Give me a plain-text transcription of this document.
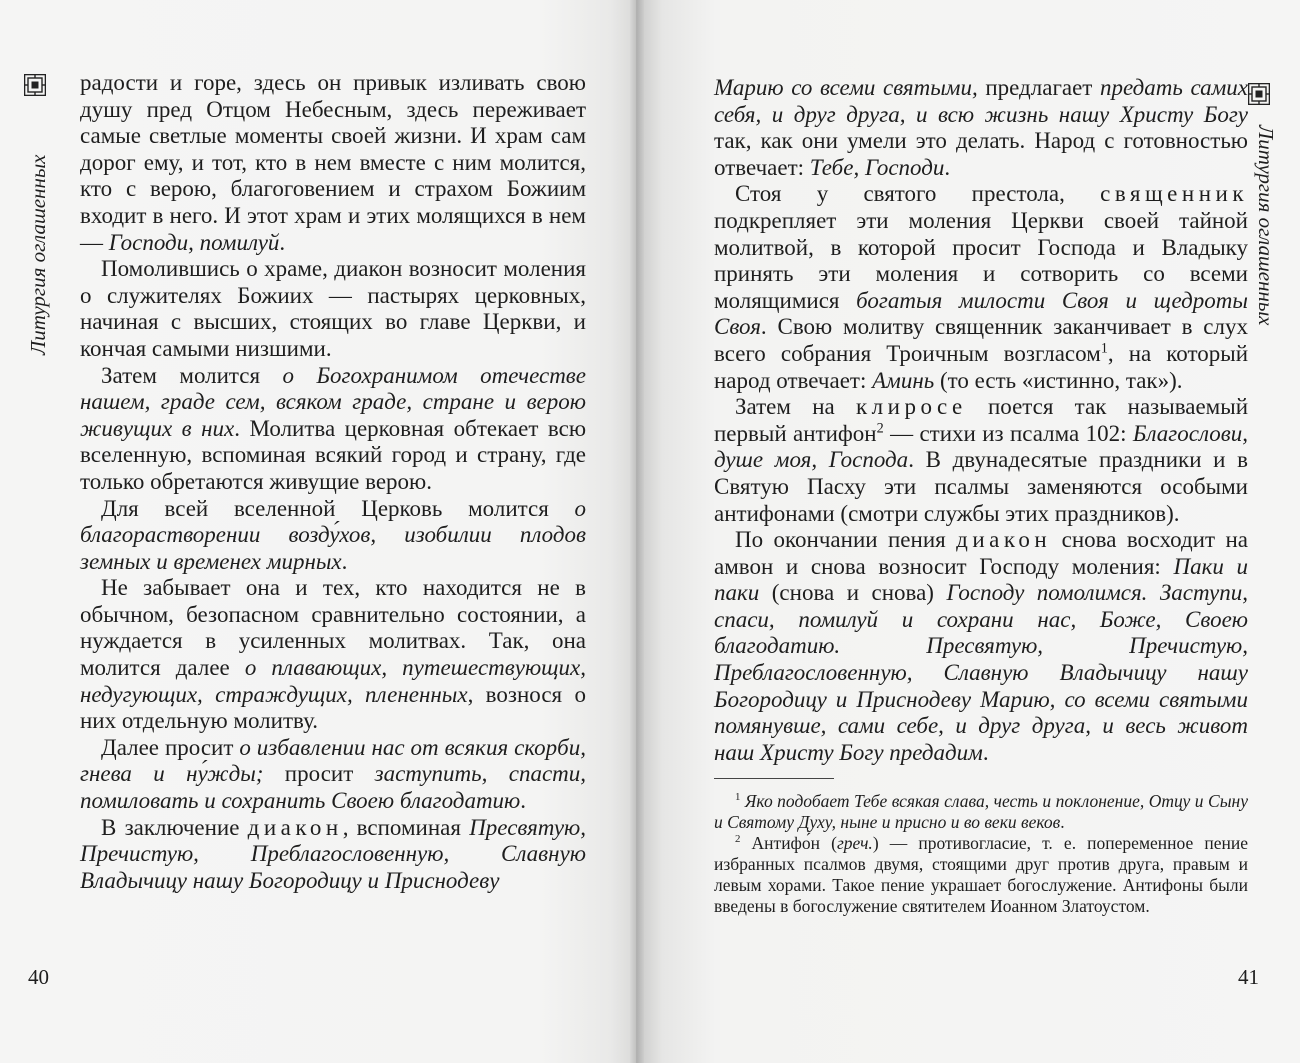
Литургия оглашенных

радости и горе, здесь он привык изливать свою душу пред Отцом Небесным, здесь переживает самые светлые моменты своей жизни. И храм сам дорог ему, и тот, кто в нем вместе с ним молится, кто с верою, благоговением и страхом Божиим входит в него. И этот храм и этих молящихся в нем — Господи, помилуй.

Помолившись о храме, диакон возносит моления о служителях Божиих — пастырях церковных, начиная с высших, стоящих во главе Церкви, и кончая самыми низшими.

Затем молится о Богохранимом отечестве нашем, граде сем, всяком граде, стране и верою живущих в них. Молитва церковная обтекает всю вселенную, вспоминая всякий город и страну, где только обретаются живущие верою.

Для всей вселенной Церковь молится о благорастворении возду́хов, изобилии плодов земных и временех мирных.

Не забывает она и тех, кто находится не в обычном, безопасном сравнительно состоянии, а нуждается в усиленных молитвах. Так, она молится далее о плавающих, путешествующих, недугующих, страждущих, плененных, вознося о них отдельную молитву.

Далее просит о избавлении нас от всякия скорби, гнева и ну́жды; просит заступить, спасти, помиловать и сохранить Своею благодатию.

В заключение диакон, вспоминая Пресвятую, Пречистую, Преблагословенную, Славную Владычицу нашу Богородицу и Приснодеву

40
Литургия оглашенных

Марию со всеми святыми, предлагает предать самих себя, и друг друга, и всю жизнь нашу Христу Богу так, как они умели это делать. Народ с готовностью отвечает: Тебе, Господи.

Стоя у святого престола, священник подкрепляет эти моления Церкви своей тайной молитвой, в которой просит Господа и Владыку принять эти моления и сотворить со всеми молящимися богатыя милости Своя и щедроты Своя. Свою молитву священник заканчивает в слух всего собрания Троичным возгласом$^1$, на который народ отвечает: Аминь (то есть «истинно, так»).

Затем на клиросе поется так называемый первый антифон$^2$ — стихи из псалма 102: Благослови, душе моя, Господа. В двунадесятые праздники и в Святую Пасху эти псалмы заменяются особыми антифонами (смотри службы этих праздников).

По окончании пения диакон снова восходит на амвон и снова возносит Господу моления: Паки и паки (снова и снова) Господу помолимся. Заступи, спаси, помилуй и сохрани нас, Боже, Своею благодатию. Пресвятую, Пречистую, Преблагословенную, Славную Владычицу нашу Богородицу и Приснодеву Марию, со всеми святыми помянувше, сами себе, и друг друга, и весь живот наш Христу Богу предадим.

$^1$ Яко подобает Тебе всякая слава, честь и поклонение, Отцу и Сыну и Святому Духу, ныне и присно и во веки веков.

$^2$ Антифо́н (греч.) — противогласие, т. е. попеременное пение избранных псалмов двумя, стоящими друг против друга, правым и левым хорами. Такое пение украшает богослужение. Антифоны были введены в богослужение святителем Иоанном Златоустом.

41
